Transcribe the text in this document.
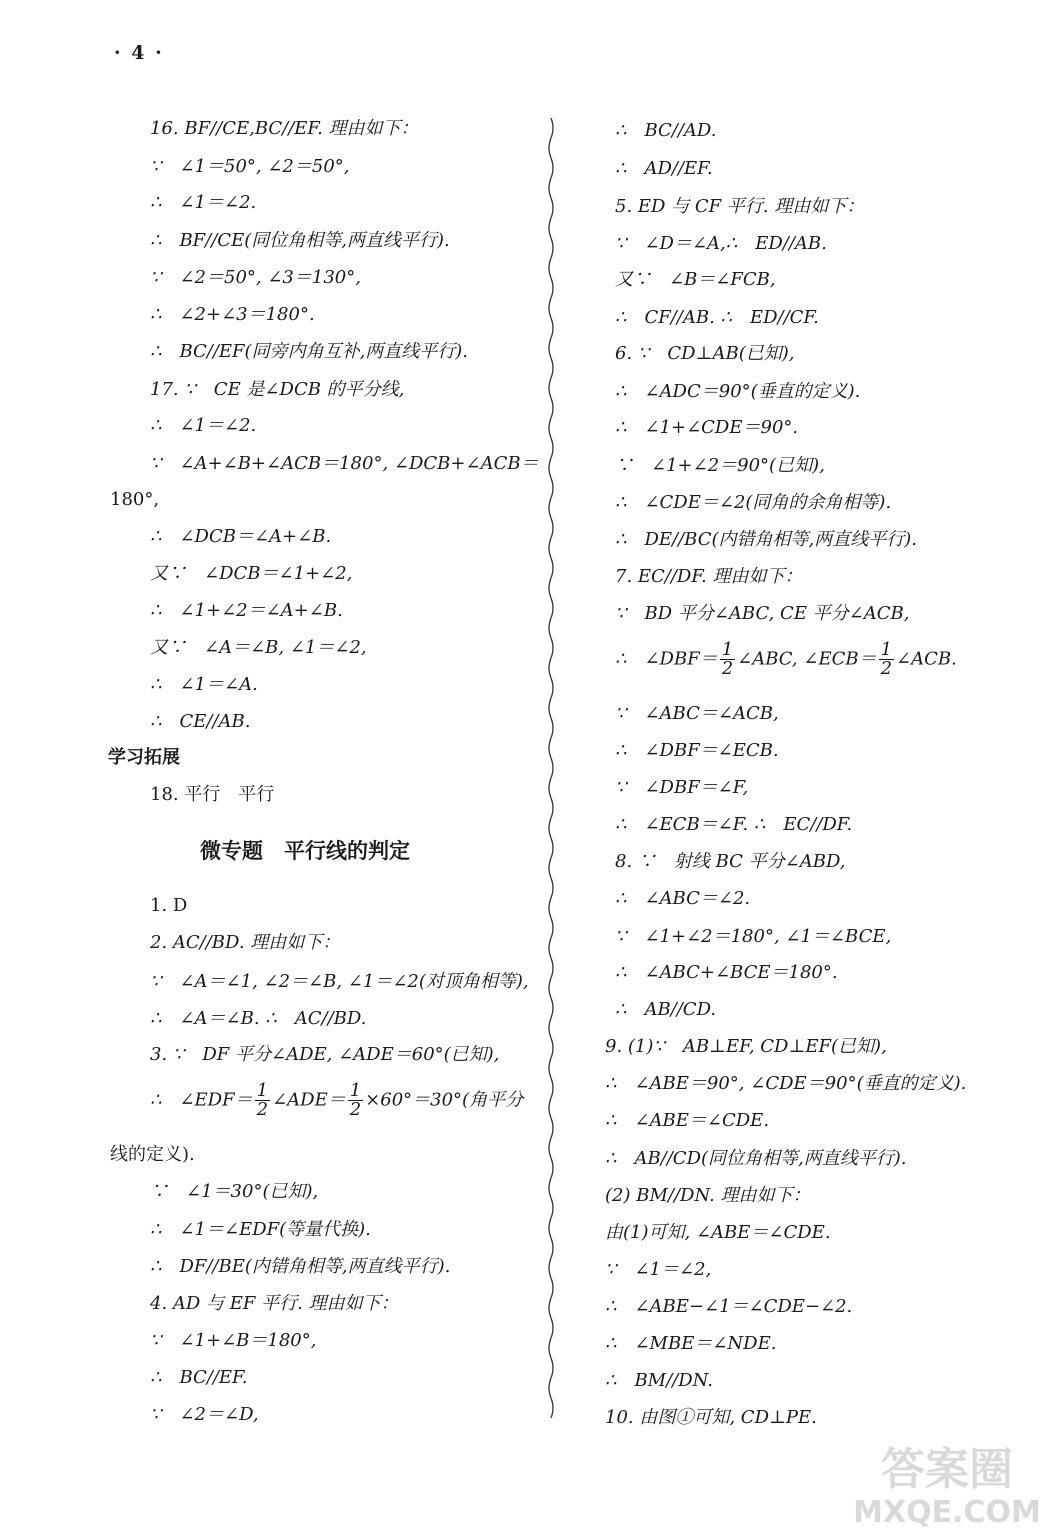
· 4 ·
16. BF//CE,BC//EF. 理由如下：
∵　∠1＝50°, ∠2＝50°,
∴　∠1＝∠2.
∴　BF//CE(同位角相等,两直线平行).
∵　∠2＝50°, ∠3＝130°,
∴　∠2+∠3＝180°.
∴　BC//EF(同旁内角互补,两直线平行).
17. ∵　CE 是∠DCB 的平分线,
∴　∠1＝∠2.
∵　∠A+∠B+∠ACB＝180°, ∠DCB+∠ACB＝
180°,
∴　∠DCB＝∠A+∠B.
又∵　∠DCB＝∠1+∠2,
∴　∠1+∠2＝∠A+∠B.
又∵　∠A＝∠B, ∠1＝∠2,
∴　∠1＝∠A.
∴　CE//AB.
学习拓展
18. 平行　平行
微专题　平行线的判定
1. D
2. AC//BD. 理由如下：
∵　∠A＝∠1, ∠2＝∠B, ∠1＝∠2(对顶角相等),
∴　∠A＝∠B. ∴　AC//BD.
3. ∵　DF 平分∠ADE, ∠ADE＝60°(已知),
∴　∠EDF＝ $\frac{1}{2}$ ∠ADE＝ $\frac{1}{2} \times 60^\circ=30^\circ$(角平分
线的定义).
∵　∠1＝30°(已知),
∴　∠1＝∠EDF(等量代换).
∴　DF//BE(内错角相等,两直线平行).
4. AD 与 EF 平行. 理由如下：
∵　∠1+∠B＝180°,
∴　BC//EF.
∵　∠2＝∠D,
∴　BC//AD.
∴　AD//EF.
5. ED 与 CF 平行. 理由如下：
∵　∠D＝∠A,∴　ED//AB.
又∵　∠B＝∠FCB,
∴　CF//AB. ∴　ED//CF.
6. ∵　CD⊥AB(已知),
∴　∠ADC＝90°(垂直的定义).
∴　∠1+∠CDE＝90°.
∵　∠1+∠2＝90°(已知),
∴　∠CDE＝∠2(同角的余角相等).
∴　DE//BC(内错角相等,两直线平行).
7. EC//DF. 理由如下：
∵　BD 平分∠ABC, CE 平分∠ACB,
∴　∠DBF＝ $\frac{1}{2}$ ∠ABC, ∠ECB＝ $\frac{1}{2}$ ∠ACB.
∵　∠ABC＝∠ACB,
∴　∠DBF＝∠ECB.
∵　∠DBF＝∠F,
∴　∠ECB＝∠F. ∴　EC//DF.
8. ∵　射线 BC 平分∠ABD,
∴　∠ABC＝∠2.
∵　∠1+∠2＝180°, ∠1＝∠BCE,
∴　∠ABC+∠BCE＝180°.
∴　AB//CD.
9. (1)∵　AB⊥EF, CD⊥EF(已知),
∴　∠ABE＝90°, ∠CDE＝90°(垂直的定义).
∴　∠ABE＝∠CDE.
∴　AB//CD(同位角相等,两直线平行).
(2) BM//DN. 理由如下：
由(1)可知, ∠ABE＝∠CDE.
∵　∠1＝∠2,
∴　∠ABE−∠1＝∠CDE−∠2.
∴　∠MBE＝∠NDE.
∴　BM//DN.
10. 由图①可知, CD⊥PE.
答案圈
MXQE.COM
